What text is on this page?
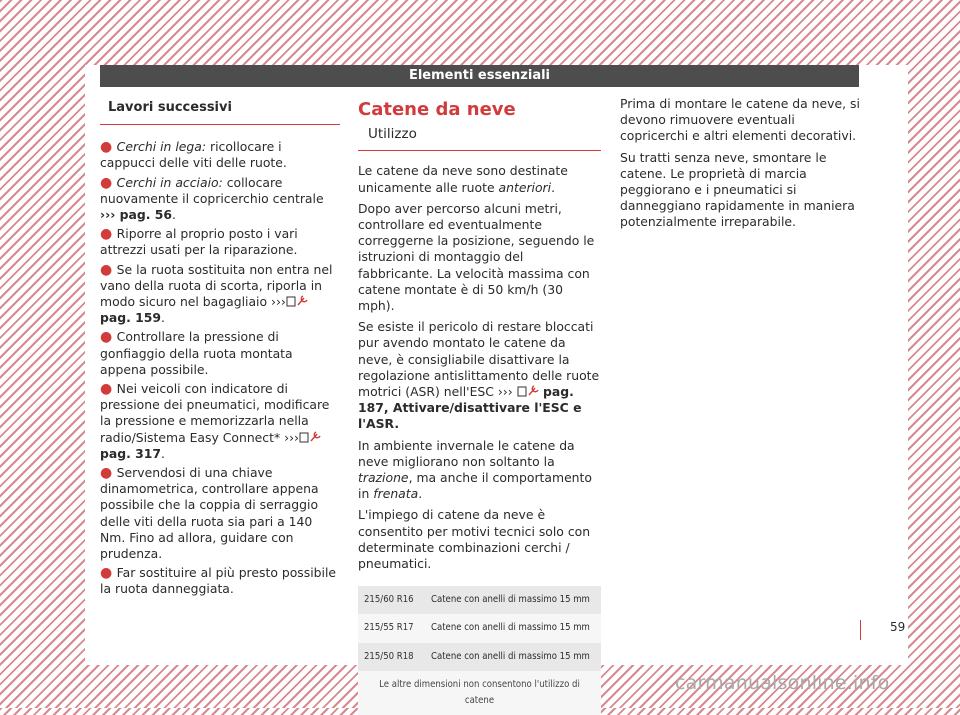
Elementi essenziali
Lavori successivi
● Cerchi in lega: ricollocare i cappucci delle viti delle ruote.
● Cerchi in acciaio: collocare nuovamente il copricerchio centrale ››› pag. 56.
● Riporre al proprio posto i vari attrezzi usati per la riparazione.
● Se la ruota sostituita non entra nel vano della ruota di scorta, riporla in modo sicuro nel bagagliaio ››› pag. 159.
● Controllare la pressione di gonfiaggio della ruota montata appena possibile.
● Nei veicoli con indicatore di pressione dei pneumatici, modificare la pressione e memorizzarla nella radio/Sistema Easy Connect* ››› pag. 317.
● Servendosi di una chiave dinamometrica, controllare appena possibile che la coppia di serraggio delle viti della ruota sia pari a 140 Nm. Fino ad allora, guidare con prudenza.
● Far sostituire al più presto possibile la ruota danneggiata.
Catene da neve
Utilizzo

Le catene da neve sono destinate unicamente alle ruote anteriori.

Dopo aver percorso alcuni metri, controllare ed eventualmente correggerne la posizione, seguendo le istruzioni di montaggio del fabbricante. La velocità massima con catene montate è di 50 km/h (30 mph).

Se esiste il pericolo di restare bloccati pur avendo montato le catene da neve, è consigliabile disattivare la regolazione antislittamento delle ruote motrici (ASR) nell'ESC ›››  pag. 187, Attivare/disattivare l'ESC e l'ASR.

In ambiente invernale le catene da neve migliorano non soltanto la trazione, ma anche il comportamento in frenata.

L'impiego di catene da neve è consentito per motivi tecnici solo con determinate combinazioni cerchi / pneumatici.

215/60 R16	Catene con anelli di massimo 15 mm
215/55 R17	Catene con anelli di massimo 15 mm
215/50 R18	Catene con anelli di massimo 15 mm
Le altre dimensioni non consentono l'utilizzo di catene	

Prima di montare le catene da neve, si devono rimuovere eventuali copricerchi e altri elementi decorativi.

Su tratti senza neve, smontare le catene. Le proprietà di marcia peggiorano e i pneumatici si danneggiano rapidamente in maniera potenzialmente irreparabile.

59
carmanualsonline.info
